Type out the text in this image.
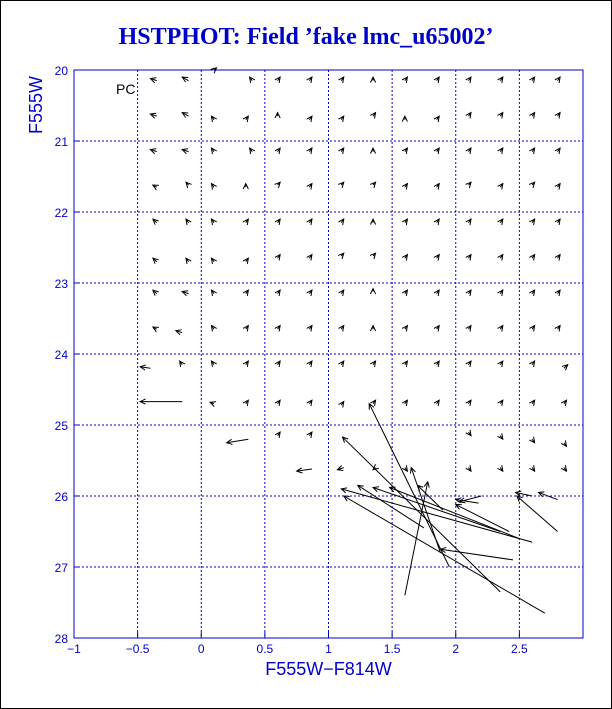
HSTPHOT: Field ’fake lmc_u65002’
−1	−0.5	0	0.5	1	1.5	2	2.5
20
21
22
23
24
25
26
27
28
PC
F555W−F814W
F555W
